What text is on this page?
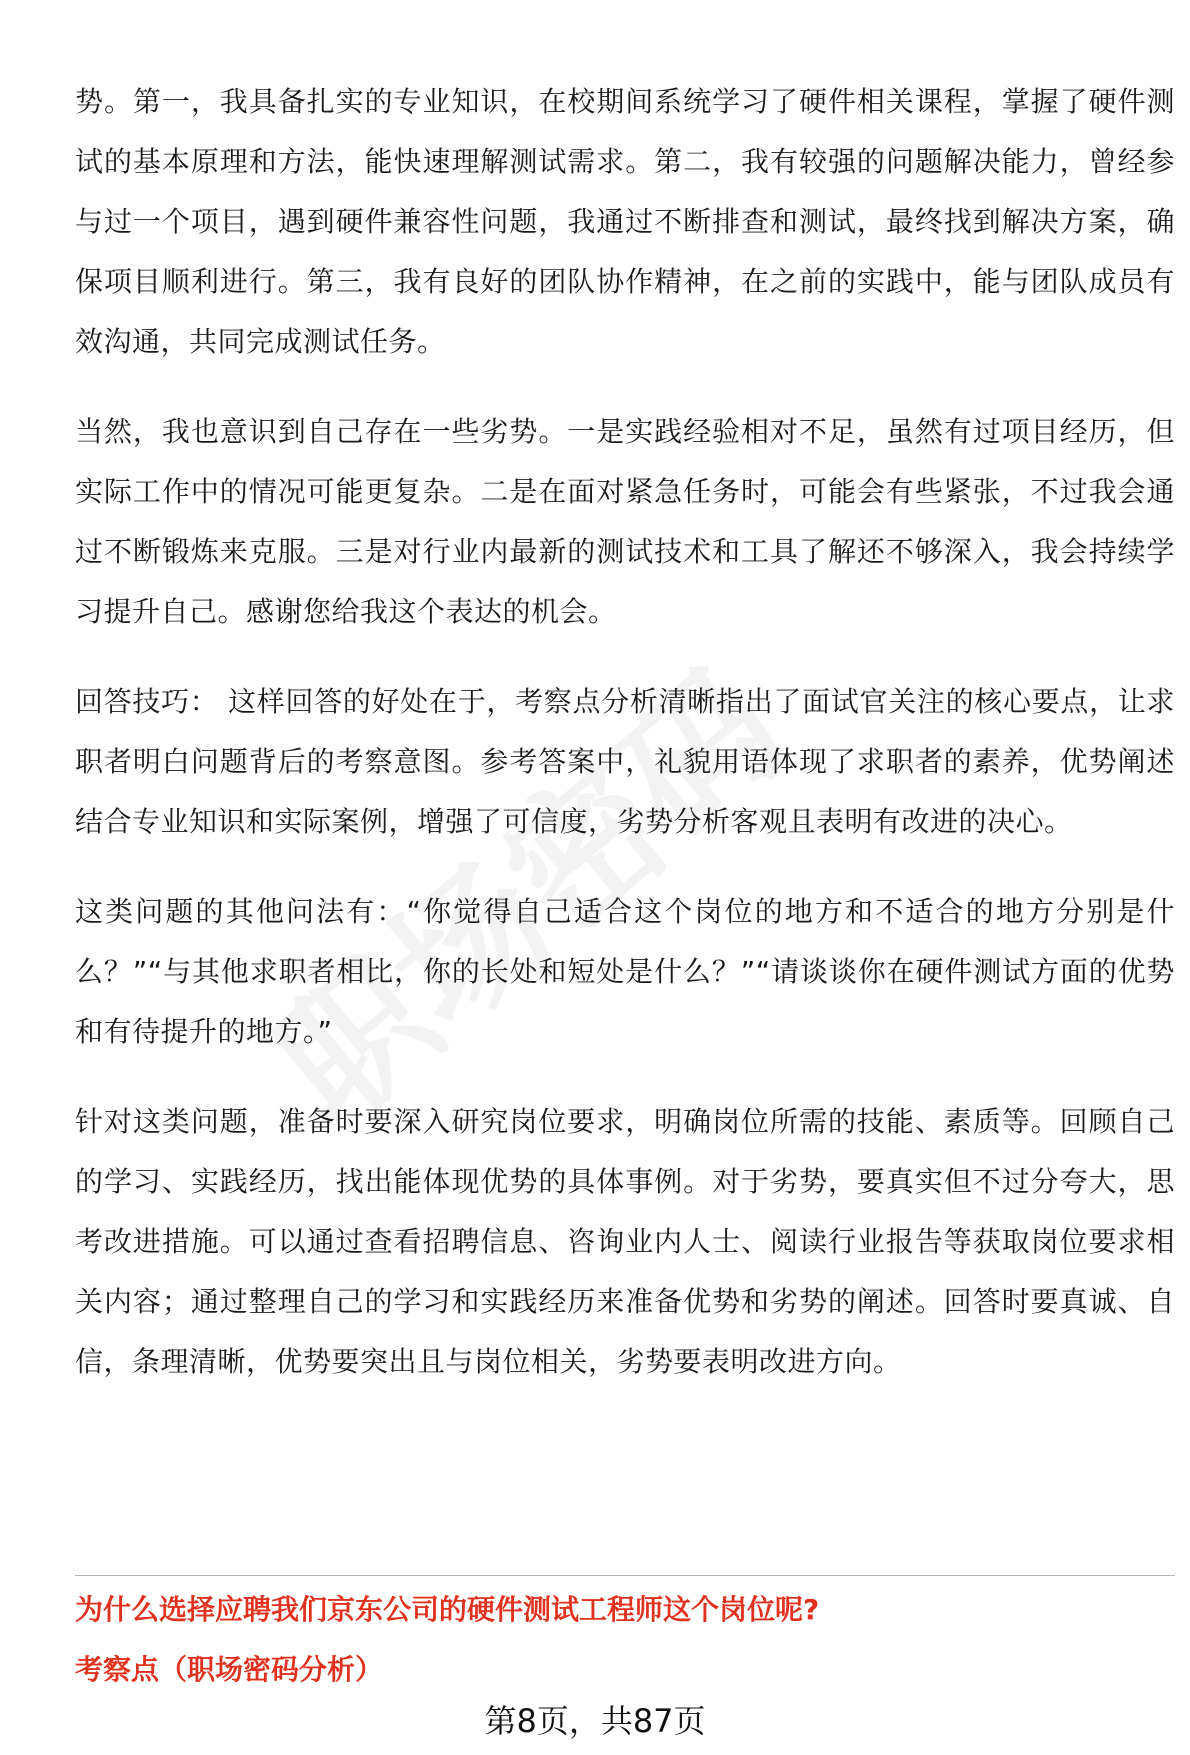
势。第一，我具备扎实的专业知识，在校期间系统学习了硬件相关课程，掌握了硬件测试的基本原理和方法，能快速理解测试需求。第二，我有较强的问题解决能力，曾经参与过一个项目，遇到硬件兼容性问题，我通过不断排查和测试，最终找到解决方案，确保项目顺利进行。第三，我有良好的团队协作精神，在之前的实践中，能与团队成员有效沟通，共同完成测试任务。

当然，我也意识到自己存在一些劣势。一是实践经验相对不足，虽然有过项目经历，但实际工作中的情况可能更复杂。二是在面对紧急任务时，可能会有些紧张，不过我会通过不断锻炼来克服。三是对行业内最新的测试技术和工具了解还不够深入，我会持续学习提升自己。感谢您给我这个表达的机会。

回答技巧： 这样回答的好处在于，考察点分析清晰指出了面试官关注的核心要点，让求职者明白问题背后的考察意图。参考答案中，礼貌用语体现了求职者的素养，优势阐述结合专业知识和实际案例，增强了可信度，劣势分析客观且表明有改进的决心。

这类问题的其他问法有：“你觉得自己适合这个岗位的地方和不适合的地方分别是什么？”“与其他求职者相比，你的长处和短处是什么？”“请谈谈你在硬件测试方面的优势和有待提升的地方。”

针对这类问题，准备时要深入研究岗位要求，明确岗位所需的技能、素质等。回顾自己的学习、实践经历，找出能体现优势的具体事例。对于劣势，要真实但不过分夸大，思考改进措施。可以通过查看招聘信息、咨询业内人士、阅读行业报告等获取岗位要求相关内容；通过整理自己的学习和实践经历来准备优势和劣势的阐述。回答时要真诚、自信，条理清晰，优势要突出且与岗位相关，劣势要表明改进方向。

为什么选择应聘我们京东公司的硬件测试工程师这个岗位呢?

考察点（职场密码分析）

第8页，共87页
